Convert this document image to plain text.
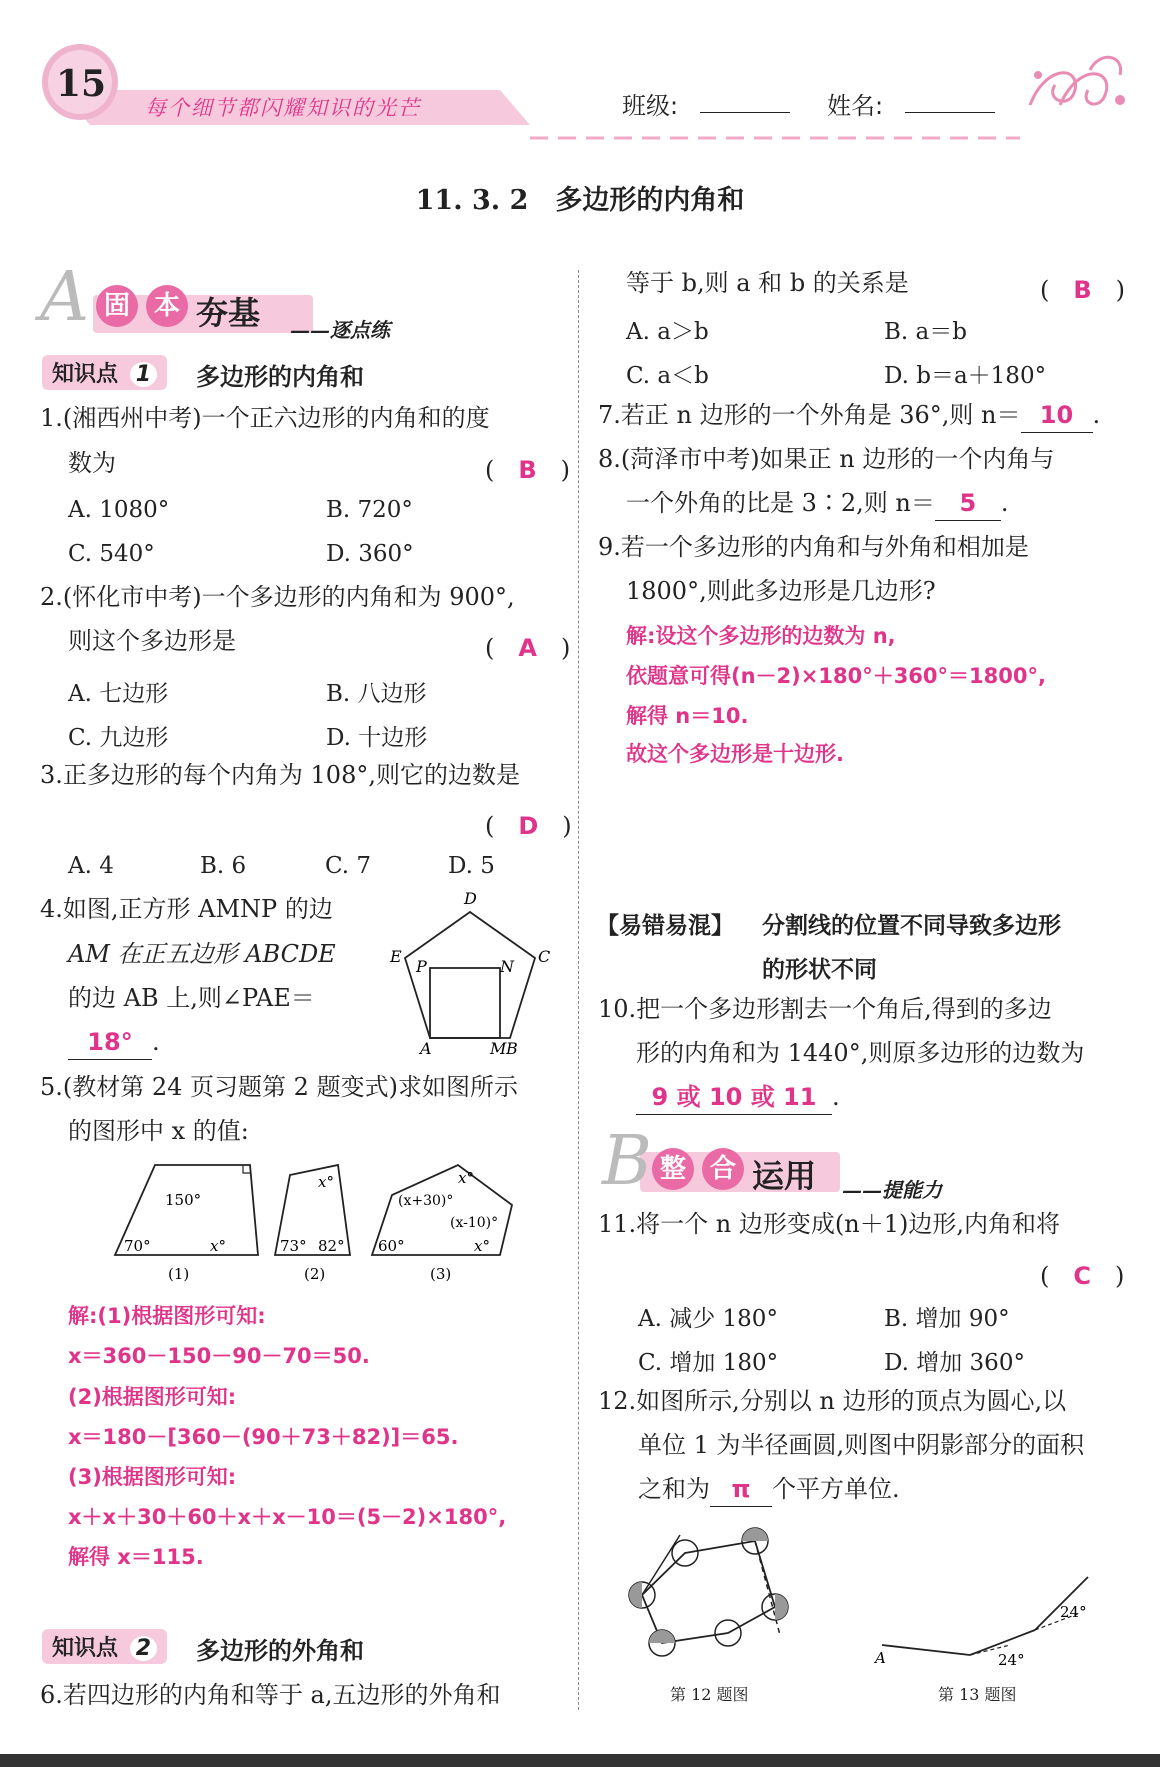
15
每个细节都闪耀知识的光芒	班级:	姓名:
11. 3. 2　多边形的内角和
A 固 本 夯基 ——逐点练
知识点 1	多边形的内角和
1.(湘西州中考)一个正六边形的内角和的度
数为	(　B　)
A. 1080°	B. 720°
C. 540°	D. 360°
2.(怀化市中考)一个多边形的内角和为 900°,
则这个多边形是	(　A　)
A. 七边形	B. 八边形
C. 九边形	D. 十边形
3.正多边形的每个内角为 108°,则它的边数是
(　D　)
A. 4	B. 6	C. 7	D. 5
4.如图,正方形 AMNP 的边
AM 在正五边形 ABCDE
的边 AB 上,则∠PAE＝
18° .
D
E
P	N
C
A	M B
5.(教材第 24 页习题第 2 题变式)求如图所示
的图形中 x 的值:
150°
70°	x°
(1)
x°
73° 82°
(2)
x°
(x+30)°
(x-10)°
60°	x°
(3)
解:(1)根据图形可知:
x＝360－150－90－70＝50.
(2)根据图形可知:
x＝180－[360－(90＋73＋82)]＝65.
(3)根据图形可知:
x＋x＋30＋60＋x＋x－10＝(5－2)×180°,
解得 x＝115.
知识点 2	多边形的外角和
6.若四边形的内角和等于 a,五边形的外角和
等于 b,则 a 和 b 的关系是	(　B　)
A. a＞b	B. a＝b
C. a＜b	D. b＝a＋180°
7.若正 n 边形的一个外角是 36°,则 n＝ 10 .
8.(菏泽市中考)如果正 n 边形的一个内角与
一个外角的比是 3∶2,则 n＝ 5 .
9.若一个多边形的内角和与外角和相加是
1800°,则此多边形是几边形?
解:设这个多边形的边数为 n,
依题意可得(n－2)×180°＋360°＝1800°,
解得 n＝10.
故这个多边形是十边形.
【易错易混】 分割线的位置不同导致多边形
的形状不同
10.把一个多边形割去一个角后,得到的多边
形的内角和为 1440°,则原多边形的边数为
9 或 10 或 11 .
B 整 合 运用 ——提能力
11.将一个 n 边形变成(n＋1)边形,内角和将
(　C　)
A. 减少 180°	B. 增加 90°
C. 增加 180°	D. 增加 360°
12.如图所示,分别以 n 边形的顶点为圆心,以
单位 1 为半径画圆,则图中阴影部分的面积
之和为 π 个平方单位.
第 12 题图
A
24°
24°
第 13 题图
